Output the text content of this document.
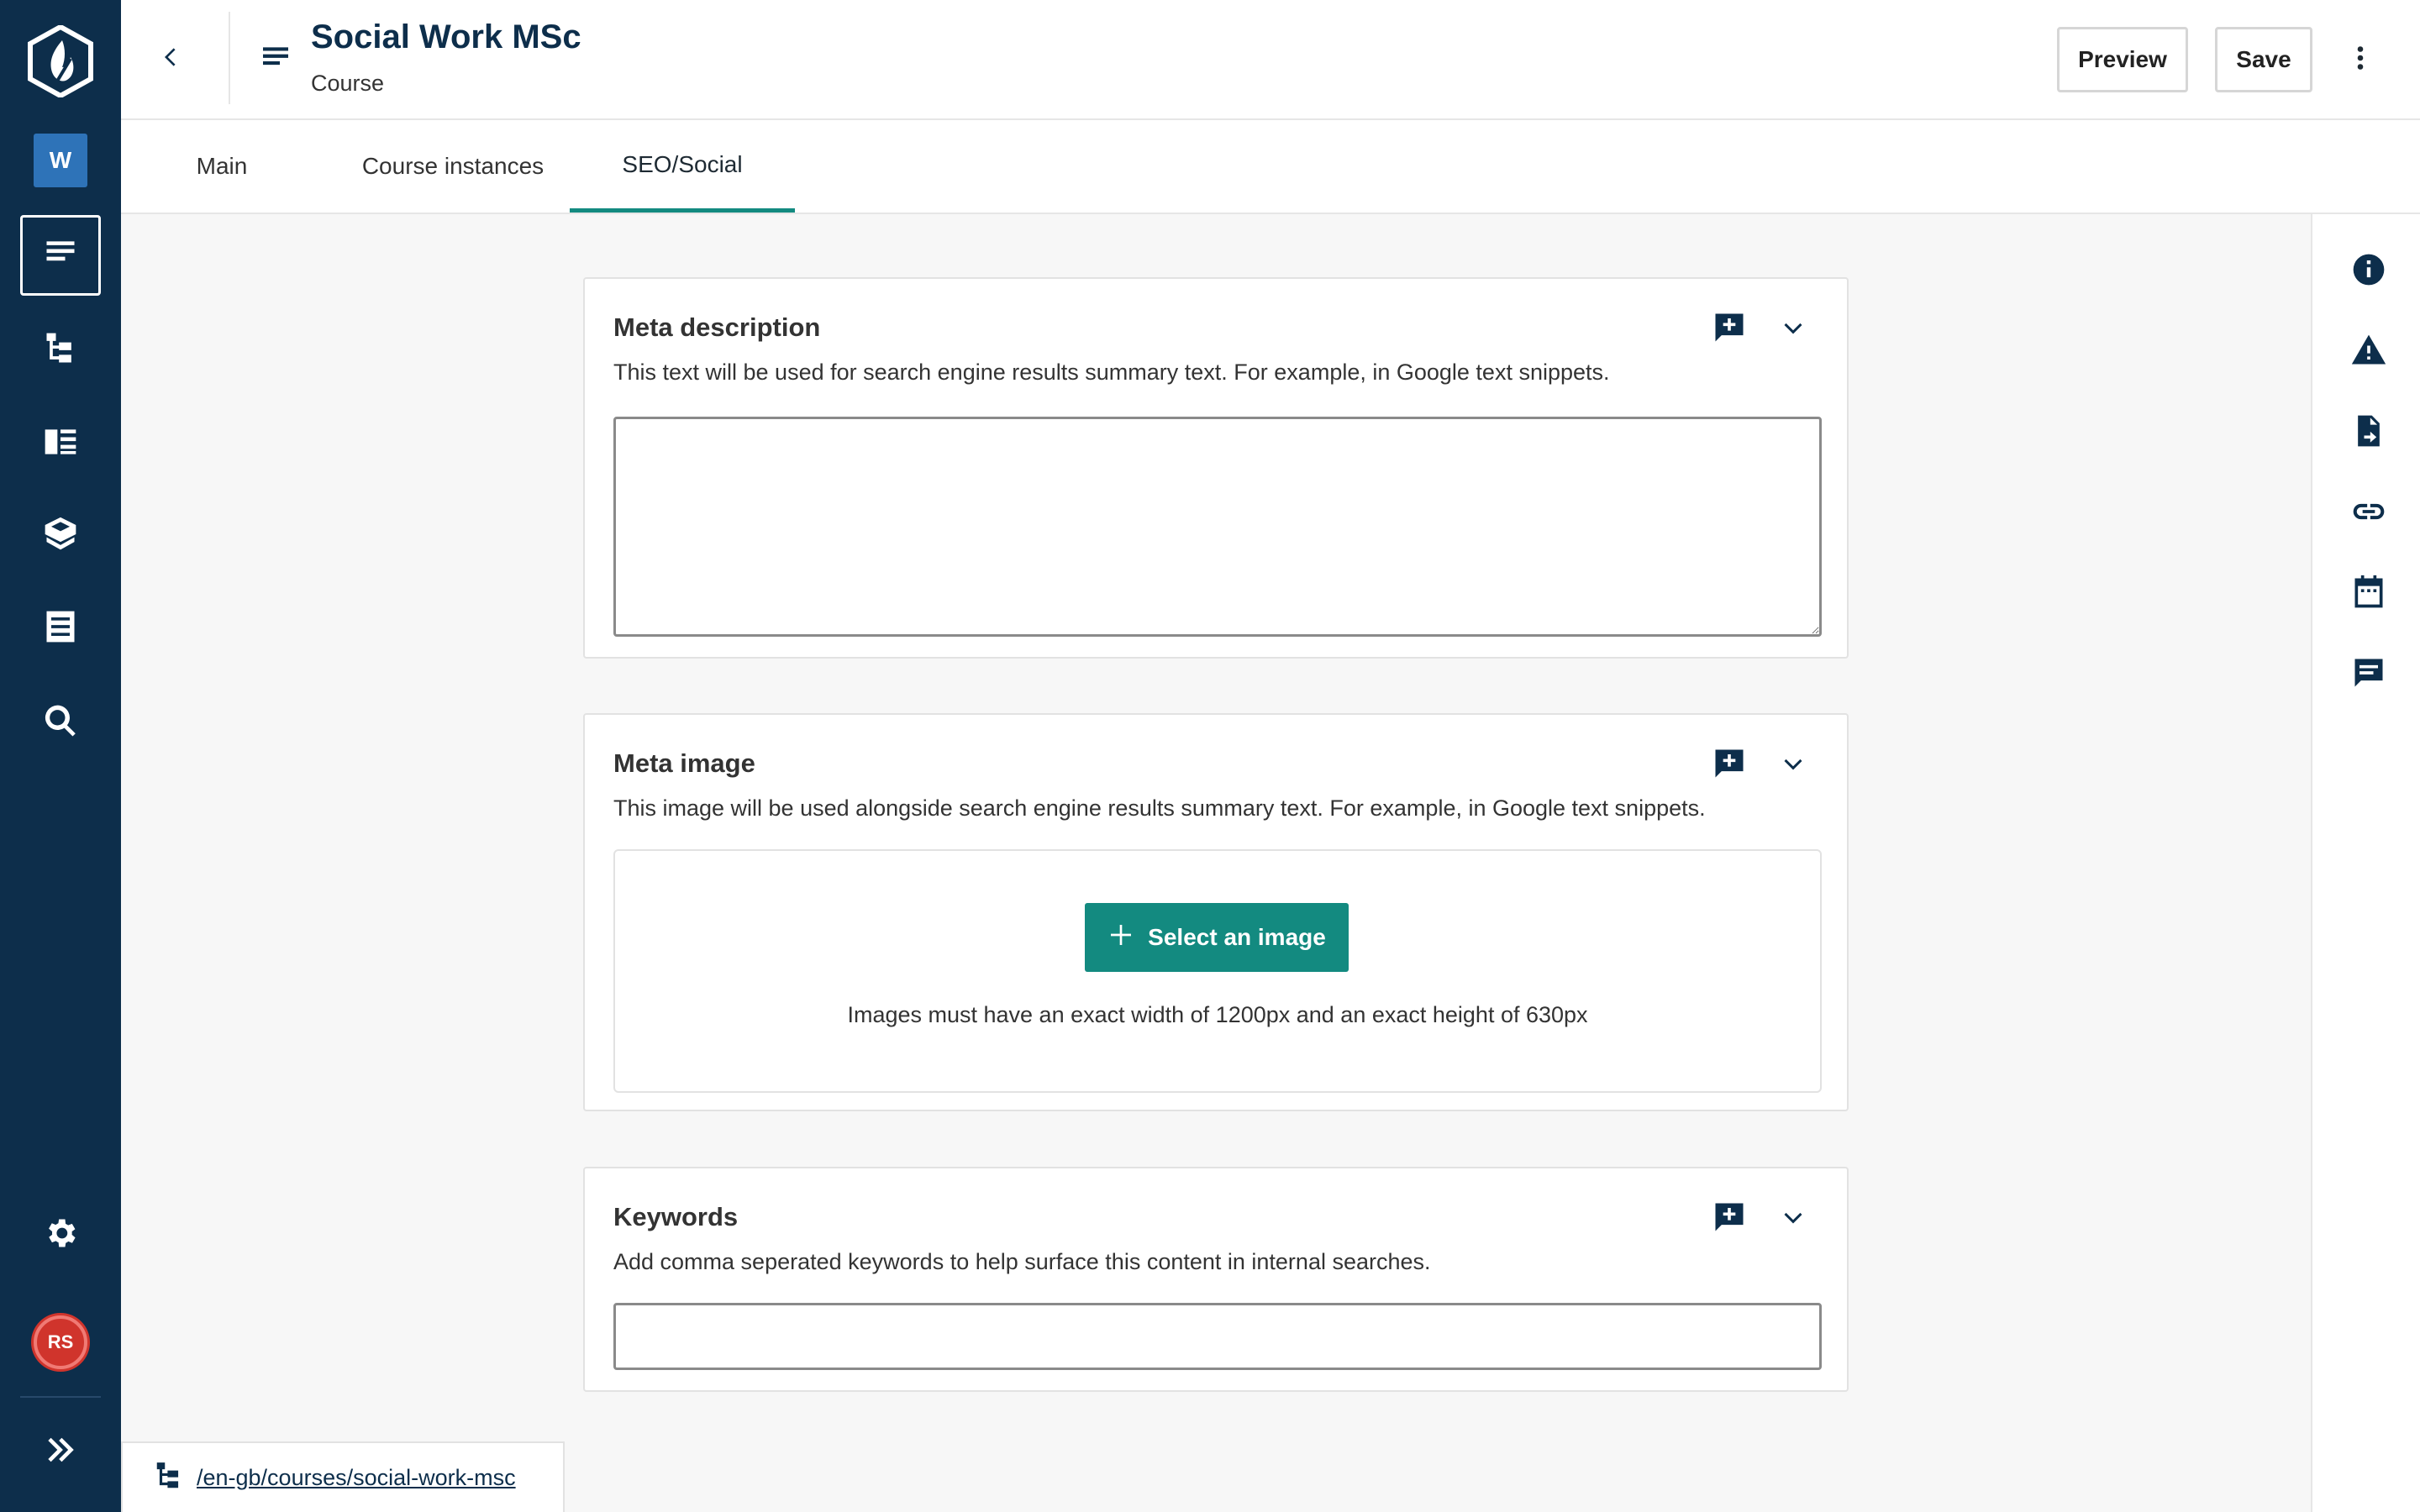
W
RS
Social Work MSc
Course
Preview	Save
Main	Course instances	SEO/Social
Meta description
This text will be used for search engine results summary text. For example, in Google text snippets.
Meta image
This image will be used alongside search engine results summary text. For example, in Google text snippets.
Select an image
Images must have an exact width of 1200px and an exact height of 630px
Keywords
Add comma seperated keywords to help surface this content in internal searches.
/en-gb/courses/social-work-msc
